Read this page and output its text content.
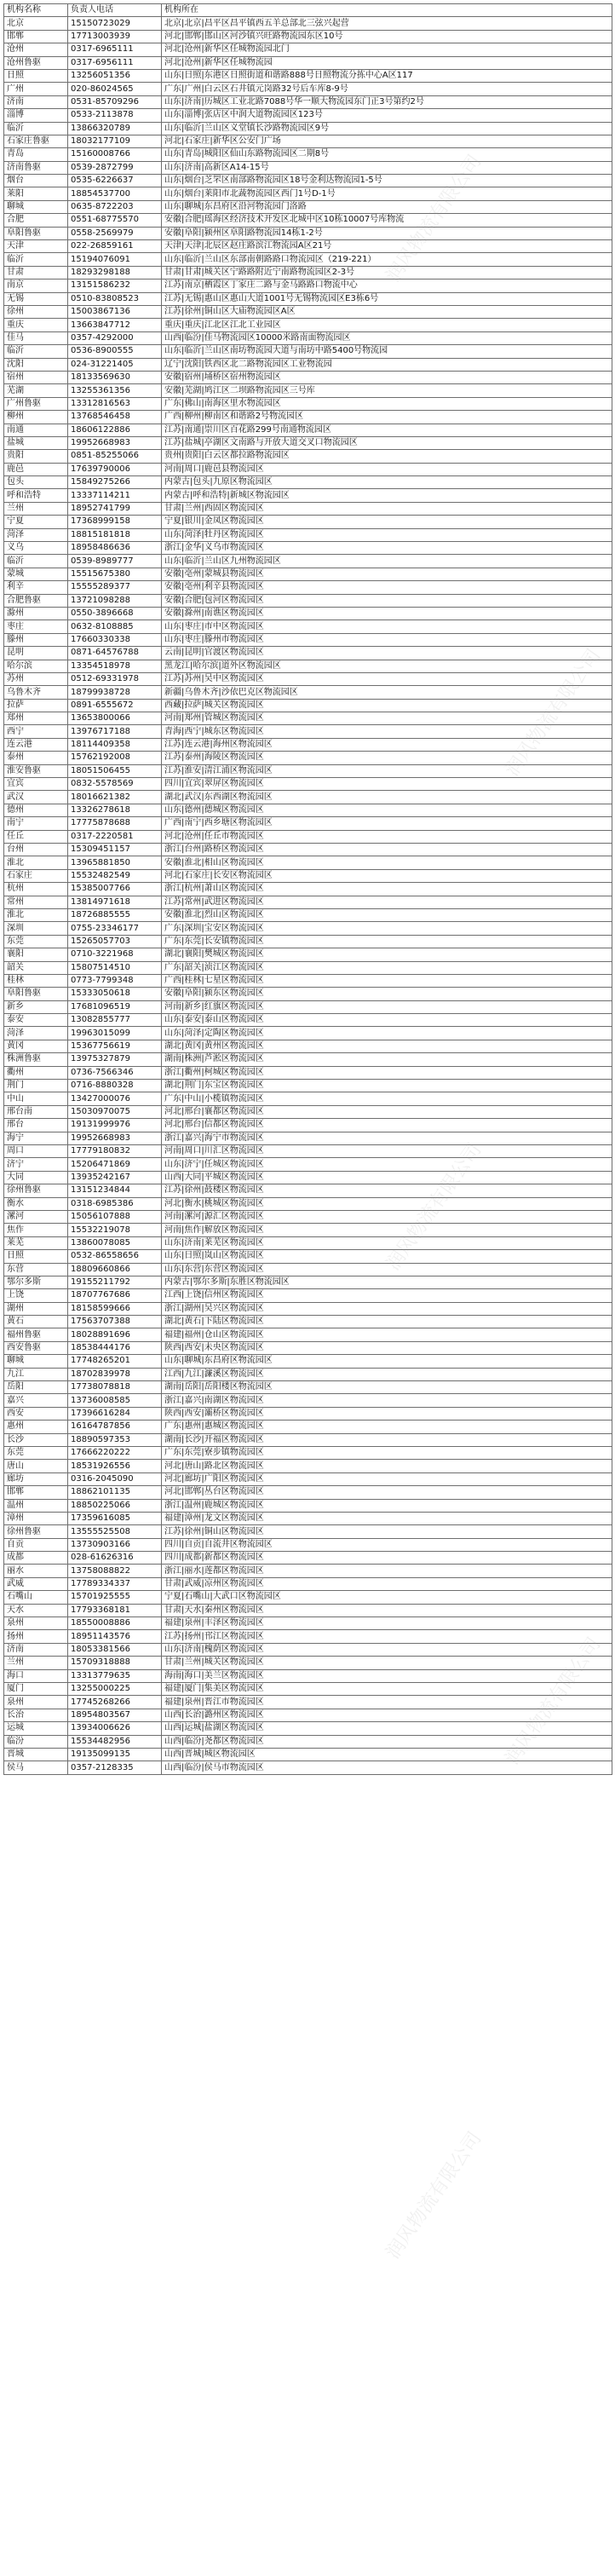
机构名称	负责人电话	机构所在
北京	15150723029	北京|北京|昌平区昌平镇西五羊总部北三弦兴起营
邯郸	17713003939	河北|邯郸|邯山区河沙镇兴旺路物流园东区10号
沧州	0317-6965111	河北|沧州|新华区任城物流园北门
沧州鲁驱	0317-6956111	河北|沧州|新华区任城物流园
日照	13256051356	山东|日照|东港区日照街道和谐路888号日照物流分拣中心A区117
广州	020-86024565	广东|广州|白云区石井镇元岗路32号后车库8-9号
济南	0531-85709296	山东|济南|历城区工业北路7088号华一顺大物流园东门正3号第约2号
淄博	0533-2113878	山东|淄博|张店区中润大道物流园区123号
临沂	13866320789	山东|临沂|兰山区义堂镇长沙路物流园区9号
石家庄鲁驱	18032177109	河北|石家庄|新华区公安门广场
青岛	15160008766	山东|青岛|城阳区仙山东路物流园区二期8号
济南鲁驱	0539-2872799	山东|济南|高新区A14-15号
烟台	0535-6226637	山东|烟台|芝罘区南部路物流园区18号金利达物流园1-5号
莱阳	18854537700	山东|烟台|莱阳市北蔬物流园区西门1号D-1号
聊城	0635-8722203	山东|聊城|东昌府区沿河物流园门洛路
合肥	0551-68775570	安徽|合肥|瑶海区经济技术开发区北城中区10栋10007号库物流
阜阳鲁驱	0558-2569979	安徽|阜阳|颍州区阜阳路物流园14栋1-2号
天津	022-26859161	天津|天津|北辰区赵庄路滨江物流园A区21号
临沂	15194076091	山东|临沂|兰山区东部南朝路路口物流园区（219-221）
甘肃	18293298188	甘肃|甘肃|城关区宁路路附近宁南路物流园区2-3号
南京	13151586232	江苏|南京|栖霞区丁家庄二路与金马路路口物流中心
无锡	0510-83808523	江苏|无锡|惠山区惠山大道1001号无锡物流园区E3栋6号
徐州	15003867136	江苏|徐州|铜山区大庙物流园区A区
重庆	13663847712	重庆|重庆|江北区江北工业园区
佳马	0357-4292000	山西|临汾|佳马物流园区10000米路南面物流园区
临沂	0536-8900555	山东|临沂|兰山区南坊物流园大道与南坊中路5400号物流园
沈阳	024-31221405	辽宁|沈阳|铁西区北二路物流园区工业物流园
宿州	18133569630	安徽|宿州|埇桥区宿州物流园区
芜湖	13255361356	安徽|芜湖|鸠江区二坝路物流园区三号库
广州鲁驱	13312816563	广东|佛山|南海区里水物流园区
柳州	13768546458	广西|柳州|柳南区和谐路2号物流园区
南通	18606122886	江苏|南通|崇川区百花路299号南通物流园区
盐城	19952668983	江苏|盐城|亭湖区文南路与开放大道交叉口物流园区
贵阳	0851-85255066	贵州|贵阳|白云区都拉路物流园区
鹿邑	17639790006	河南|周口|鹿邑县物流园区
包头	15849275266	内蒙古|包头|九原区物流园区
呼和浩特	13337114211	内蒙古|呼和浩特|新城区物流园区
兰州	18952741799	甘肃|兰州|西固区物流园区
宁夏	17368999158	宁夏|银川|金凤区物流园区
菏泽	18815181818	山东|菏泽|牡丹区物流园区
义乌	18958486636	浙江|金华|义乌市物流园区
临沂	0539-8989777	山东|临沂|兰山区九州物流园区
蒙城	15515675380	安徽|亳州|蒙城县物流园区
利辛	15555289377	安徽|亳州|利辛县物流园区
合肥鲁驱	13721098288	安徽|合肥|包河区物流园区
滁州	0550-3896668	安徽|滁州|南谯区物流园区
枣庄	0632-8108885	山东|枣庄|市中区物流园区
滕州	17660330338	山东|枣庄|滕州市物流园区
昆明	0871-64576788	云南|昆明|官渡区物流园区
哈尔滨	13354518978	黑龙江|哈尔滨|道外区物流园区
苏州	0512-69331978	江苏|苏州|吴中区物流园区
乌鲁木齐	18799938728	新疆|乌鲁木齐|沙依巴克区物流园区
拉萨	0891-6555672	西藏|拉萨|城关区物流园区
郑州	13653800066	河南|郑州|管城区物流园区
西宁	13976717188	青海|西宁|城东区物流园区
连云港	18114409358	江苏|连云港|海州区物流园区
泰州	15762192008	江苏|泰州|海陵区物流园区
淮安鲁驱	18051506455	江苏|淮安|清江浦区物流园区
宜宾	0832-5578569	四川|宜宾|翠屏区物流园区
武汉	18016621382	湖北|武汉|东西湖区物流园区
德州	13326278618	山东|德州|德城区物流园区
南宁	17775878688	广西|南宁|西乡塘区物流园区
任丘	0317-2220581	河北|沧州|任丘市物流园区
台州	15309451157	浙江|台州|路桥区物流园区
淮北	13965881850	安徽|淮北|相山区物流园区
石家庄	15532482549	河北|石家庄|长安区物流园区
杭州	15385007766	浙江|杭州|萧山区物流园区
常州	13814971618	江苏|常州|武进区物流园区
淮北	18726885555	安徽|淮北|烈山区物流园区
深圳	0755-23346177	广东|深圳|宝安区物流园区
东莞	15265057703	广东|东莞|长安镇物流园区
襄阳	0710-3221968	湖北|襄阳|樊城区物流园区
韶关	15807514510	广东|韶关|浈江区物流园区
桂林	0773-7799348	广西|桂林|七星区物流园区
阜阳鲁驱	15333050618	安徽|阜阳|颍东区物流园区
新乡	17681096519	河南|新乡|红旗区物流园区
泰安	13082855777	山东|泰安|泰山区物流园区
菏泽	19963015099	山东|菏泽|定陶区物流园区
黄冈	15367756619	湖北|黄冈|黄州区物流园区
株洲鲁驱	13975327879	湖南|株洲|芦淞区物流园区
衢州	0736-7566346	浙江|衢州|柯城区物流园区
荆门	0716-8880328	湖北|荆门|东宝区物流园区
中山	13427000076	广东|中山|小榄镇物流园区
邢台南	15030970075	河北|邢台|襄都区物流园区
邢台	19131999976	河北|邢台|信都区物流园区
海宁	19952668983	浙江|嘉兴|海宁市物流园区
周口	17779180832	河南|周口|川汇区物流园区
济宁	15206471869	山东|济宁|任城区物流园区
大同	13935242167	山西|大同|平城区物流园区
徐州鲁驱	13151234844	江苏|徐州|鼓楼区物流园区
衡水	0318-6985386	河北|衡水|桃城区物流园区
漯河	15056107888	河南|漯河|源汇区物流园区
焦作	15532219078	河南|焦作|解放区物流园区
莱芜	13860078085	山东|济南|莱芜区物流园区
日照	0532-86558656	山东|日照|岚山区物流园区
东营	18809660866	山东|东营|东营区物流园区
鄂尔多斯	19155211792	内蒙古|鄂尔多斯|东胜区物流园区
上饶	18707767686	江西|上饶|信州区物流园区
湖州	18158599666	浙江|湖州|吴兴区物流园区
黄石	17563707388	湖北|黄石|下陆区物流园区
福州鲁驱	18028891696	福建|福州|仓山区物流园区
西安鲁驱	18538444176	陕西|西安|未央区物流园区
聊城	17748265201	山东|聊城|东昌府区物流园区
九江	18702839978	江西|九江|濂溪区物流园区
岳阳	17738078818	湖南|岳阳|岳阳楼区物流园区
嘉兴	13736008585	浙江|嘉兴|南湖区物流园区
西安	17396616284	陕西|西安|灞桥区物流园区
惠州	16164787856	广东|惠州|惠城区物流园区
长沙	18890597353	湖南|长沙|开福区物流园区
东莞	17666220222	广东|东莞|寮步镇物流园区
唐山	18531926556	河北|唐山|路北区物流园区
廊坊	0316-2045090	河北|廊坊|广阳区物流园区
邯郸	18862101135	河北|邯郸|丛台区物流园区
温州	18850225066	浙江|温州|鹿城区物流园区
漳州	17359616085	福建|漳州|龙文区物流园区
徐州鲁驱	13555525508	江苏|徐州|铜山区物流园区
自贡	13730903166	四川|自贡|自流井区物流园区
成都	028-61626316	四川|成都|新都区物流园区
丽水	13758088822	浙江|丽水|莲都区物流园区
武威	17789334337	甘肃|武威|凉州区物流园区
石嘴山	15701925555	宁夏|石嘴山|大武口区物流园区
天水	17793368181	甘肃|天水|秦州区物流园区
泉州	18550008886	福建|泉州|丰泽区物流园区
扬州	18951143576	江苏|扬州|邗江区物流园区
济南	18053381566	山东|济南|槐荫区物流园区
兰州	15709318888	甘肃|兰州|城关区物流园区
海口	13313779635	海南|海口|美兰区物流园区
厦门	13255000225	福建|厦门|集美区物流园区
泉州	17745268266	福建|泉州|晋江市物流园区
长治	18954803567	山西|长治|潞州区物流园区
运城	13934006626	山西|运城|盐湖区物流园区
临汾	15534482956	山西|临汾|尧都区物流园区
晋城	19135099135	山西|晋城|城区物流园区
侯马	0357-2128335	山西|临汾|侯马市物流园区
润风物流有限公司
润风物流有限公司
润风物流有限公司
润风物流有限公司
润风物流有限公司
